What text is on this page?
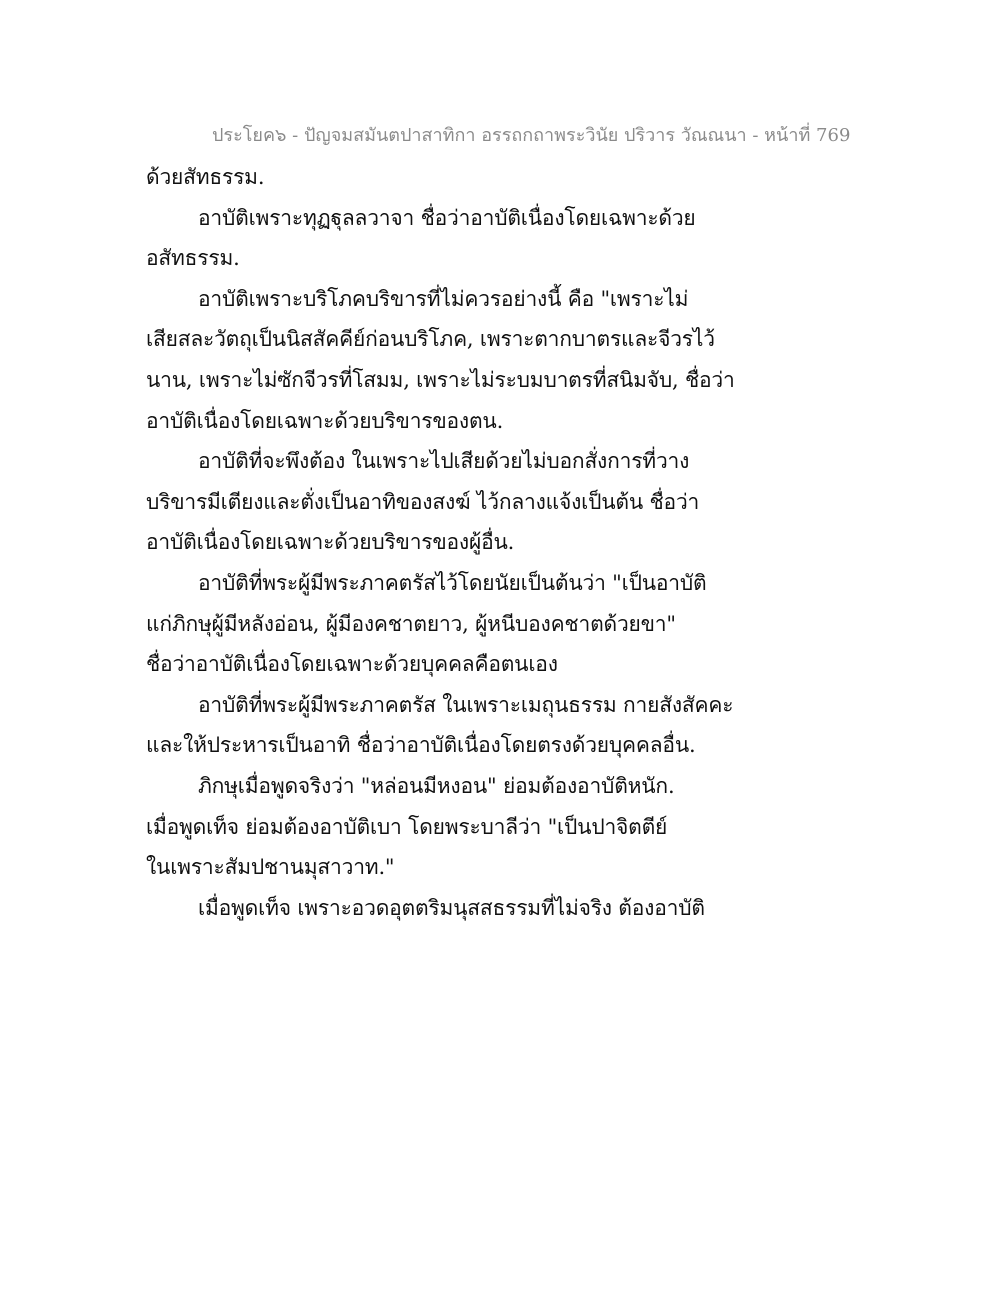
ประโยค๖ - ปัญจมสมันตปาสาทิกา อรรถกถาพระวินัย ปริวาร วัณณนา - หน้าที่ 769
ด้วยสัทธรรม.
อาบัติเพราะทุฏฐุลลวาจา ชื่อว่าอาบัติเนื่องโดยเฉพาะด้วย
อสัทธรรม.
อาบัติเพราะบริโภคบริขารที่ไม่ควรอย่างนี้ คือ "เพราะไม่
เสียสละวัตถุเป็นนิสสัคคีย์ก่อนบริโภค, เพราะตากบาตรและจีวรไว้
นาน, เพราะไม่ซักจีวรที่โสมม, เพราะไม่ระบมบาตรที่สนิมจับ, ชื่อว่า
อาบัติเนื่องโดยเฉพาะด้วยบริขารของตน.
อาบัติที่จะพึงต้อง ในเพราะไปเสียด้วยไม่บอกสั่งการที่วาง
บริขารมีเตียงและตั่งเป็นอาทิของสงฆ์ ไว้กลางแจ้งเป็นต้น ชื่อว่า
อาบัติเนื่องโดยเฉพาะด้วยบริขารของผู้อื่น.
อาบัติที่พระผู้มีพระภาคตรัสไว้โดยนัยเป็นต้นว่า "เป็นอาบัติ
แก่ภิกษุผู้มีหลังอ่อน, ผู้มีองคชาตยาว, ผู้หนีบองคชาตด้วยขา"
ชื่อว่าอาบัติเนื่องโดยเฉพาะด้วยบุคคลคือตนเอง
อาบัติที่พระผู้มีพระภาคตรัส ในเพราะเมถุนธรรม กายสังสัคคะ
และให้ประหารเป็นอาทิ ชื่อว่าอาบัติเนื่องโดยตรงด้วยบุคคลอื่น.
ภิกษุเมื่อพูดจริงว่า "หล่อนมีหงอน" ย่อมต้องอาบัติหนัก.
เมื่อพูดเท็จ ย่อมต้องอาบัติเบา โดยพระบาลีว่า "เป็นปาจิตตีย์
ในเพราะสัมปชานมุสาวาท."
เมื่อพูดเท็จ เพราะอวดอุตตริมนุสสธรรมที่ไม่จริง ต้องอาบัติ
